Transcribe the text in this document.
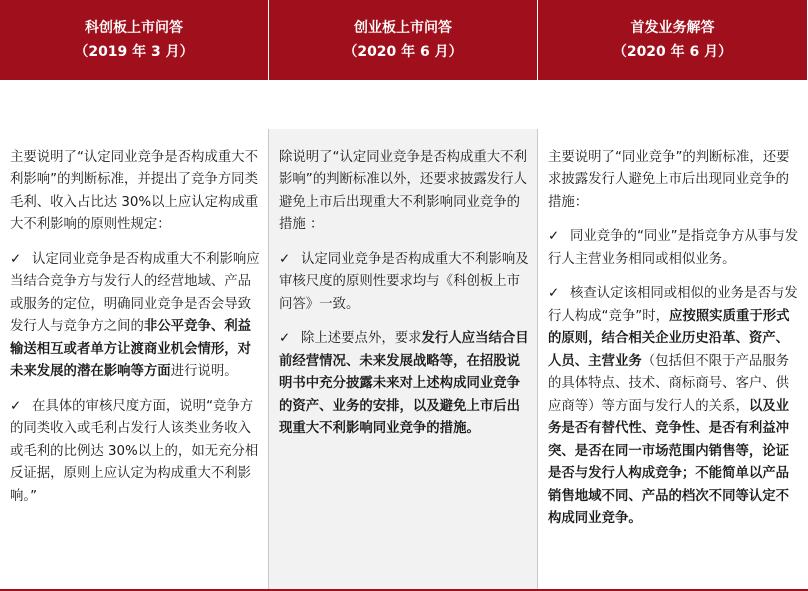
科创板上市问答
（2019 年 3 月）
创业板上市问答
（2020 年 6 月）
首发业务解答
（2020 年 6 月）

主要说明了“认定同业竞争是否构成重大不利影响”的判断标准，并提出了竞争方同类毛利、收入占比达 30%以上应认定构成重大不利影响的原则性规定：

✓ 认定同业竞争是否构成重大不利影响应当结合竞争方与发行人的经营地域、产品或服务的定位，明确同业竞争是否会导致发行人与竞争方之间的非公平竞争、利益输送相互或者单方让渡商业机会情形，对未来发展的潜在影响等方面进行说明。

✓ 在具体的审核尺度方面，说明“竞争方的同类收入或毛利占发行人该类业务收入或毛利的比例达 30%以上的，如无充分相反证据，原则上应认定为构成重大不利影响。”

除说明了“认定同业竞争是否构成重大不利影响”的判断标准以外，还要求披露发行人避免上市后出现重大不利影响同业竞争的措施 ：

✓ 认定同业竞争是否构成重大不利影响及审核尺度的原则性要求均与《科创板上市问答》一致。

✓ 除上述要点外，要求发行人应当结合目前经营情况、未来发展战略等，在招股说明书中充分披露未来对上述构成同业竞争的资产、业务的安排，以及避免上市后出现重大不利影响同业竞争的措施。

主要说明了“同业竞争”的判断标准，还要求披露发行人避免上市后出现同业竞争的措施：

✓ 同业竞争的“同业”是指竞争方从事与发行人主营业务相同或相似业务。

✓ 核查认定该相同或相似的业务是否与发行人构成“竞争”时，应按照实质重于形式的原则，结合相关企业历史沿革、资产、人员、主营业务（包括但不限于产品服务的具体特点、技术、商标商号、客户、供应商等）等方面与发行人的关系，以及业务是否有替代性、竞争性、是否有利益冲突、是否在同一市场范围内销售等，论证是否与发行人构成竞争；不能简单以产品销售地域不同、产品的档次不同等认定不构成同业竞争。
